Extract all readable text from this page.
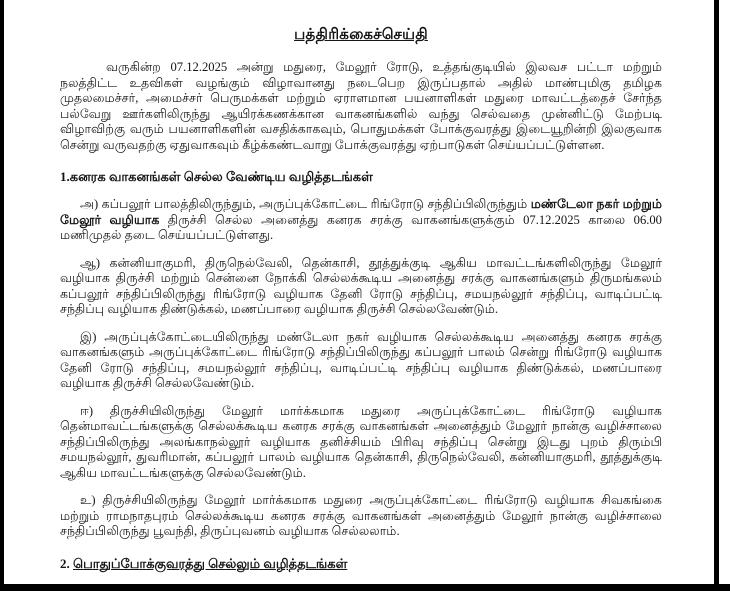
பத்திரிக்கைச்செய்தி

வருகின்ற 07.12.2025 அன்று மதுரை, மேலூர் ரோடு, உத்தங்குடியில் இலவச பட்டா மற்றும் நலத்திட்ட உதவிகள் வழங்கும் விழாவானது நடைபெற இருப்பதால் அதில் மாண்புமிகு தமிழக முதலமைச்சர், அமைச்சர் பெருமக்கள் மற்றும் ஏராளமான பயனாளிகள் மதுரை மாவட்டத்தைச் சேர்ந்த பல்வேறு ஊர்களிலிருந்து ஆயிரக்கணக்கான வாகனங்களில் வந்து செல்வதை முன்னிட்டு மேற்படி விழாவிற்கு வரும் பயனாளிகளின் வசதிக்காகவும், பொதுமக்கள் போக்குவரத்து இடையூறின்றி இலகுவாக சென்று வருவதற்கு ஏதுவாகவும் கீழ்க்கண்டவாறு போக்குவரத்து ஏற்பாடுகள் செய்யப்பட்டுள்ளன.

1.கனரக வாகனங்கள் செல்ல வேண்டிய வழித்தடங்கள்

அ) கப்பலூர் பாலத்திலிருந்தும், அருப்புக்கோட்டை ரிங்ரோடு சந்திப்பிலிருந்தும் மண்டேலா நகர் மற்றும் மேலூர் வழியாக திருச்சி செல்ல அனைத்து கனரக சரக்கு வாகனங்களுக்கும் 07.12.2025 காலை 06.00 மணிமுதல் தடை செய்யப்பட்டுள்ளது.

ஆ) கன்னியாகுமரி, திருநெல்வேலி, தென்காசி, தூத்துக்குடி ஆகிய மாவட்டங்களிலிருந்து மேலூர் வழியாக திருச்சி மற்றும் சென்னை நோக்கி செல்லக்கூடிய அனைத்து சரக்கு வாகனங்களும் திருமங்கலம் கப்பலூர் சந்திப்பிலிருந்து ரிங்ரோடு வழியாக தேனி ரோடு சந்திப்பு, சமயநல்லூர் சந்திப்பு, வாடிப்பட்டி சந்திப்பு வழியாக திண்டுக்கல், மணப்பாரை வழியாக திருச்சி செல்லவேண்டும்.

இ) அருப்புக்கோட்டையிலிருந்து மண்டேலா நகர் வழியாக செல்லக்கூடிய அனைத்து கனரக சரக்கு வாகனங்களும் அருப்புக்கோட்டை ரிங்ரோடு சந்திப்பிலிருந்து கப்பலூர் பாலம் சென்று ரிங்ரோடு வழியாக தேனி ரோடு சந்திப்பு, சமயநல்லூர் சந்திப்பு, வாடிப்பட்டி சந்திப்பு வழியாக திண்டுக்கல், மணப்பாரை வழியாக திருச்சி செல்லவேண்டும்.

ஈ) திருச்சியிலிருந்து மேலூர் மார்க்கமாக மதுரை அருப்புக்கோட்டை ரிங்ரோடு வழியாக தென்மாவட்டங்களுக்கு செல்லக்கூடிய கனரக சரக்கு வாகனங்கள் அனைத்தும் மேலூர் நான்கு வழிச்சாலை சந்திப்பிலிருந்து அலங்காநல்லூர் வழியாக தனிச்சியம் பிரிவு சந்திப்பு சென்று இடது புறம் திரும்பி சமயநல்லூர், துவரிமான், கப்பலூர் பாலம் வழியாக தென்காசி, திருநெல்வேலி, கன்னியாகுமரி, தூத்துக்குடி ஆகிய மாவட்டங்களுக்கு செல்லவேண்டும்.

உ) திருச்சியிலிருந்து மேலூர் மார்க்கமாக மதுரை அருப்புக்கோட்டை ரிங்ரோடு வழியாக சிவகங்கை மற்றும் ராமநாதபுரம் செல்லக்கூடிய கனரக சரக்கு வாகனங்கள் அனைத்தும் மேலூர் நான்கு வழிச்சாலை சந்திப்பிலிருந்து பூவந்தி, திருப்புவனம் வழியாக செல்லலாம்.

2. பொதுப்போக்குவரத்து செல்லும் வழித்தடங்கள்
